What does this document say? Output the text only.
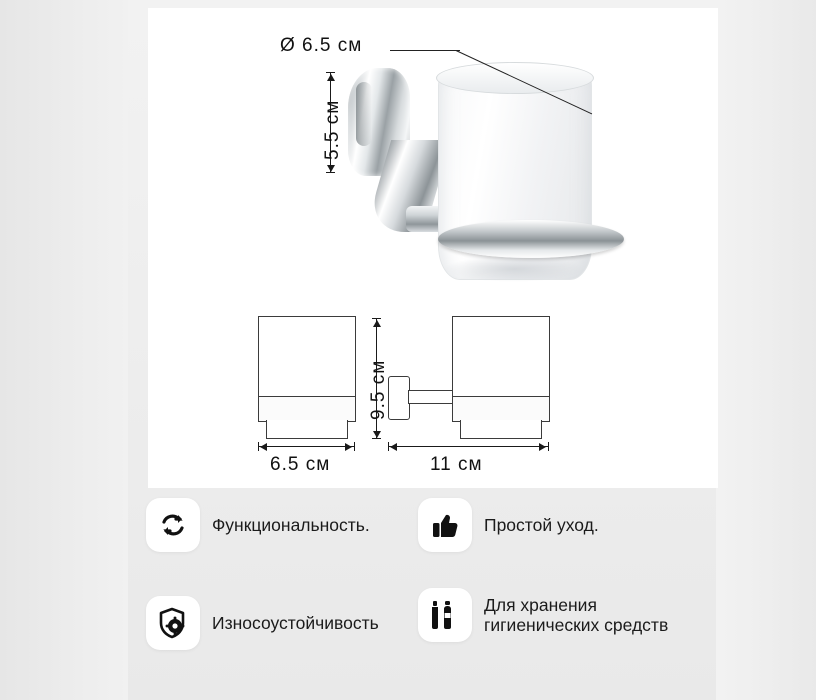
Ø 6.5 см
5.5 см
9.5 см
6.5 см	11 см
Функциональность.	Простой уход.
Износоустойчивость
Для хранения
гигиенических средств
